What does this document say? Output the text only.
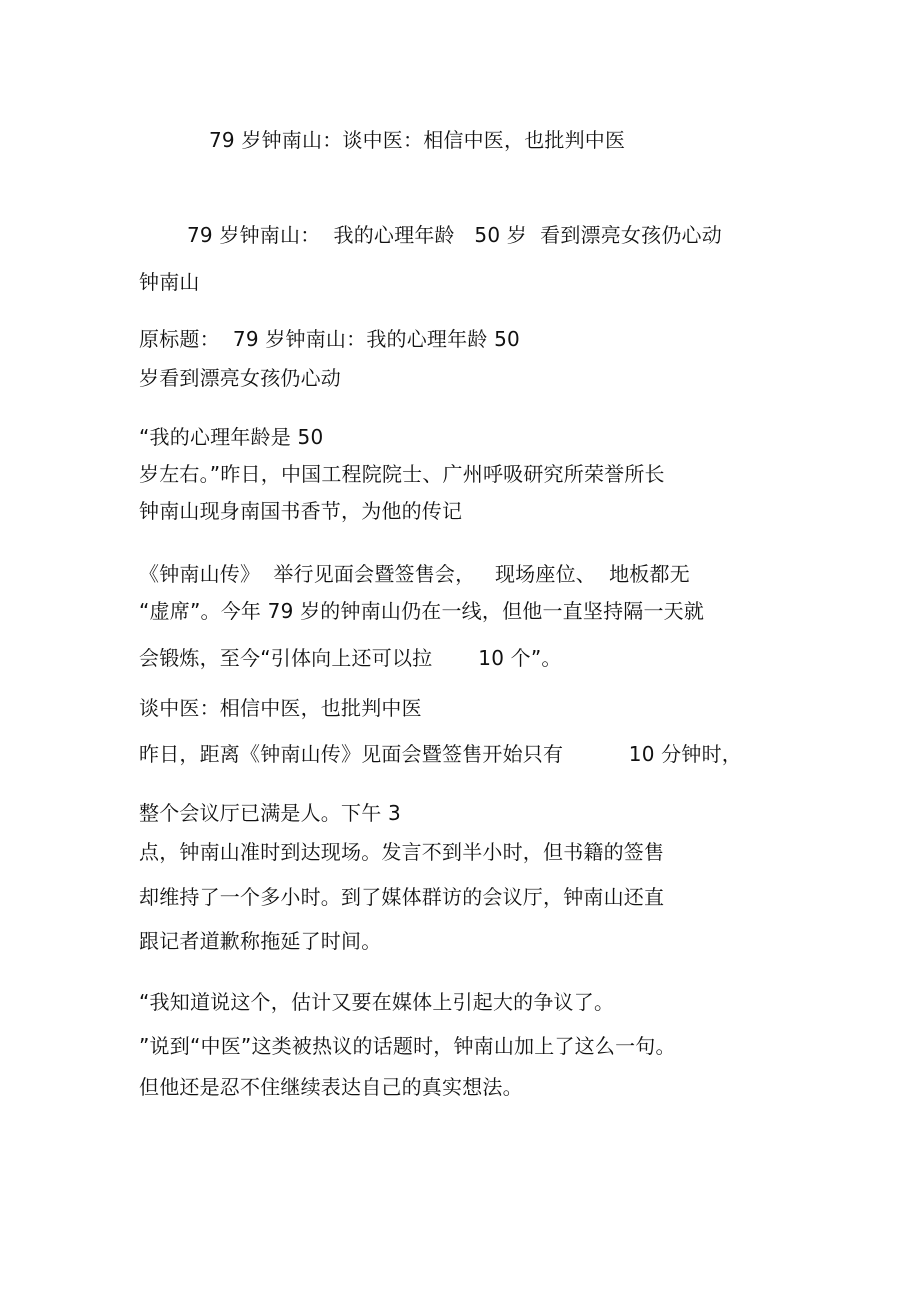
79 岁钟南山：谈中医：相信中医，也批判中医
79 岁钟南山：  我的心理年龄   50 岁  看到漂亮女孩仍心动
钟南山
原标题：  79 岁钟南山：我的心理年龄 50
岁看到漂亮女孩仍心动
“我的心理年龄是 50
岁左右。”昨日，中国工程院院士、广州呼吸研究所荣誉所长
钟南山现身南国书香节，为他的传记
《钟南山传》  举行见面会暨签售会，   现场座位、  地板都无
“虚席”。今年 79 岁的钟南山仍在一线，但他一直坚持隔一天就
会锻炼，至今“引体向上还可以拉       10 个”。
谈中医：相信中医，也批判中医
昨日，距离《钟南山传》见面会暨签售开始只有          10 分钟时，
整个会议厅已满是人。下午 3
点，钟南山准时到达现场。发言不到半小时，但书籍的签售
却维持了一个多小时。到了媒体群访的会议厅，钟南山还直
跟记者道歉称拖延了时间。
“我知道说这个，估计又要在媒体上引起大的争议了。
”说到“中医”这类被热议的话题时，钟南山加上了这么一句。
但他还是忍不住继续表达自己的真实想法。
